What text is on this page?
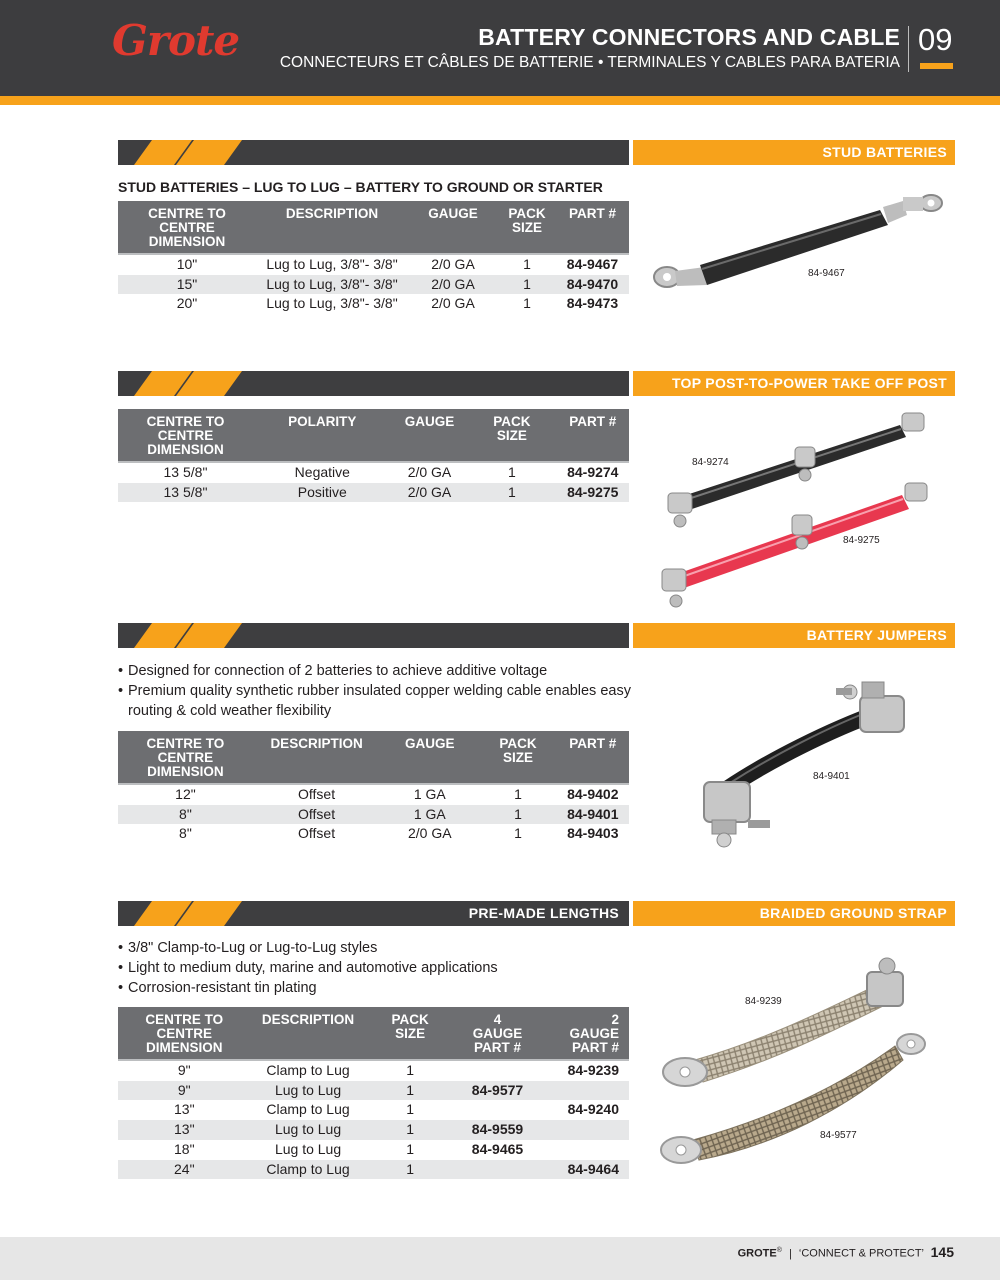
Grote	BATTERY CONNECTORS AND CABLE
CONNECTEURS ET CÂBLES DE BATTERIE • TERMINALES Y CABLES PARA BATERIA
09
STUD BATTERIES
STUD BATTERIES – LUG TO LUG – BATTERY TO GROUND OR STARTER
CENTRE TO CENTRE DIMENSION	DESCRIPTION	GAUGE	PACK SIZE	PART #
10"	Lug to Lug, 3/8"- 3/8"	2/0 GA	1	84-9467
15"	Lug to Lug, 3/8"- 3/8"	2/0 GA	1	84-9470
20"	Lug to Lug, 3/8"- 3/8"	2/0 GA	1	84-9473
84-9467
TOP POST-TO-POWER TAKE OFF POST
CENTRE TO CENTRE DIMENSION	POLARITY	GAUGE	PACK SIZE	PART #
13 5/8"	Negative	2/0 GA	1	84-9274
13 5/8"	Positive	2/0 GA	1	84-9275
84-9274
84-9275
BATTERY JUMPERS
• Designed for connection of 2 batteries to achieve additive voltage
• Premium quality synthetic rubber insulated copper welding cable enables easy routing & cold weather flexibility
CENTRE TO CENTRE DIMENSION	DESCRIPTION	GAUGE	PACK SIZE	PART #
12"	Offset	1 GA	1	84-9402
8"	Offset	1 GA	1	84-9401
8"	Offset	2/0 GA	1	84-9403
84-9401
PRE-MADE LENGTHS	BRAIDED GROUND STRAP
• 3/8" Clamp-to-Lug or Lug-to-Lug styles
• Light to medium duty, marine and automotive applications
• Corrosion-resistant tin plating
CENTRE TO CENTRE DIMENSION	DESCRIPTION	PACK SIZE	4 GAUGE PART #	2 GAUGE PART #
9"	Clamp to Lug	1		84-9239
9"	Lug to Lug	1	84-9577	
13"	Clamp to Lug	1		84-9240
13"	Lug to Lug	1	84-9559	
18"	Lug to Lug	1	84-9465	
24"	Clamp to Lug	1		84-9464
84-9239
84-9577
GROTE® | ‘CONNECT & PROTECT’ 145
